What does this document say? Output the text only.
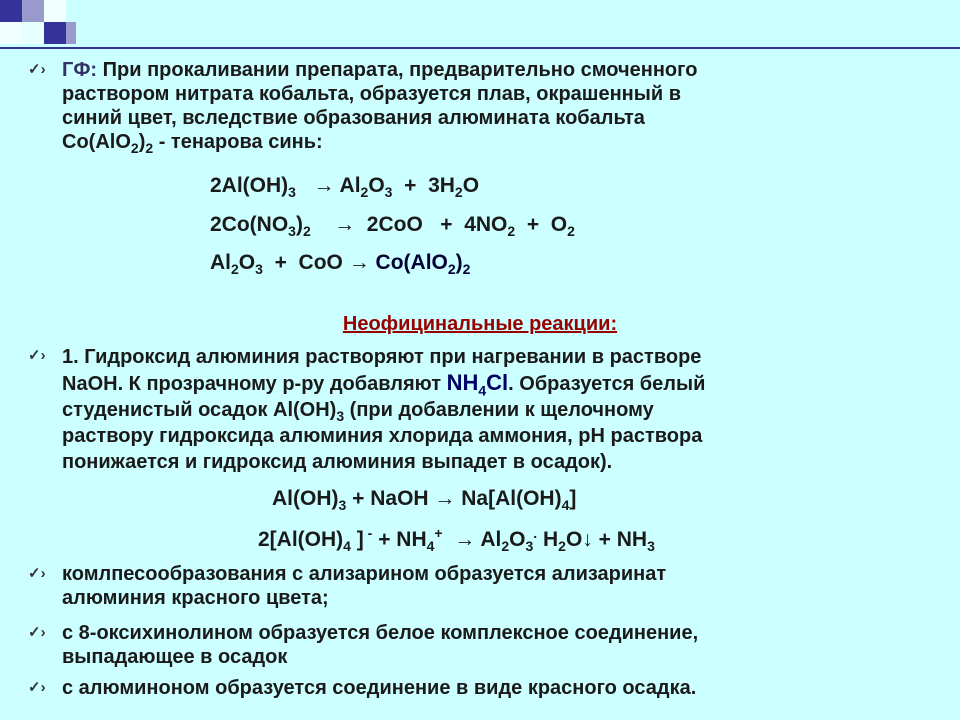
✓› ГФ: При прокаливании препарата, предварительно смоченного
раствором нитрата кобальта, образуется плав, окрашенный в
синий цвет, вследствие образования алюмината кобальта
$Co(AlO_2)_2$ - тенарова синь:
$2Al(OH)_3 \to Al_2O_3 + 3H_2O$
$2Co(NO_3)_2$    →  $2CoO + 4NO_2 + O_2$
$Al_2O_3$  +  CoO → $Co(AlO_2)_2$
Неофицинальные реакции:
✓› 1. Гидроксид алюминия растворяют при нагревании в растворе
NaOH. К прозрачному р-ру добавляют $NH_4Cl$. Образуется белый
студенистый осадок $Al(OH)_3$ (при добавлении к щелочному
раствору гидроксида алюминия хлорида аммония, pH раствора
понижается и гидроксид алюминия выпадет в осадок).
$Al(OH)_3$ + NaOH → $Na[Al(OH)_4]$
$2[Al(OH)_4$ ] $^- + NH_4^+ \to Al_2O_3^.$ $H_2O↓ + NH_3$
✓› комлпесообразования с ализарином образуется ализаринат
алюминия красного цвета;
✓› с 8-оксихинолином образуется белое комплексное соединение,
выпадающее в осадок
✓› с алюминоном образуется соединение в виде красного осадка.
